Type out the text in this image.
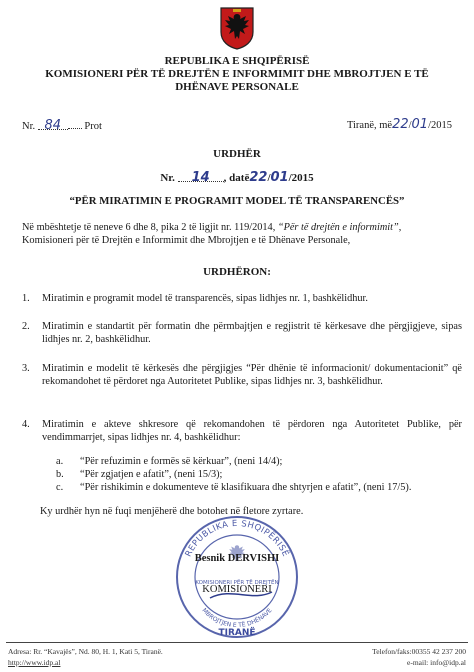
REPUBLIKA E SHQIPËRISË
KOMISIONERI PËR TË DREJTËN E INFORMIMIT DHE MBROJTJEN E TË
DHËNAVE PERSONALE
Nr. 84 Prot	Tiranë, më22/01/2015
URDHËR
Nr. 14 , datë22/01/2015
“PËR MIRATIMIN E PROGRAMIT MODEL TË TRANSPARENCËS”
Në mbështetje të neneve 6 dhe 8, pika 2 të ligjit nr. 119/2014, “Për të drejtën e informimit”,
Komisioneri për të Drejtën e Informimit dhe Mbrojtjen e të Dhënave Personale,
URDHËRON:
1.	Miratimin e programit model të transparencës, sipas lidhjes nr. 1, bashkëlidhur.
2.	Miratimin e standartit për formatin dhe përmbajtjen e regjistrit të kërkesave dhe përgjigjeve, sipas lidhjes nr. 2, bashkëlidhur.
3.	Miratimin e modelit të kërkesës dhe përgjigjes “Për dhënie të informacionit/ dokumentacionit” që rekomandohet të përdoret nga Autoritetet Publike, sipas lidhjes nr. 3, bashkëlidhur.
4.	Miratimin e akteve shkresore që rekomandohen të përdoren nga Autoritetet Publike, për vendimmarrjet, sipas lidhjes nr. 4, bashkëlidhur:
a. “Për refuzimin e formës së kërkuar”, (neni 14/4);
b. “Për zgjatjen e afatit”, (neni 15/3);
c. “Për rishikimin e dokumenteve të klasifikuara dhe shtyrjen e afatit”, (neni 17/5).
Ky urdhër hyn në fuqi menjëherë dhe botohet në fletore zyrtare.
REPUBLIKA E SHQIPËRISË
MBROJTJEN E TË DHËNAVE
KOMISIONERI PËR TË DREJTËN
TIRANË
Besnik DERVISHI
KOMISIONERI
Adresa: Rr. “Kavajës”, Nd. 80, H. 1, Kati 5, Tiranë.
http://www.idp.al
Telefon/faks:00355 42 237 200
e-mail: info@idp.al
